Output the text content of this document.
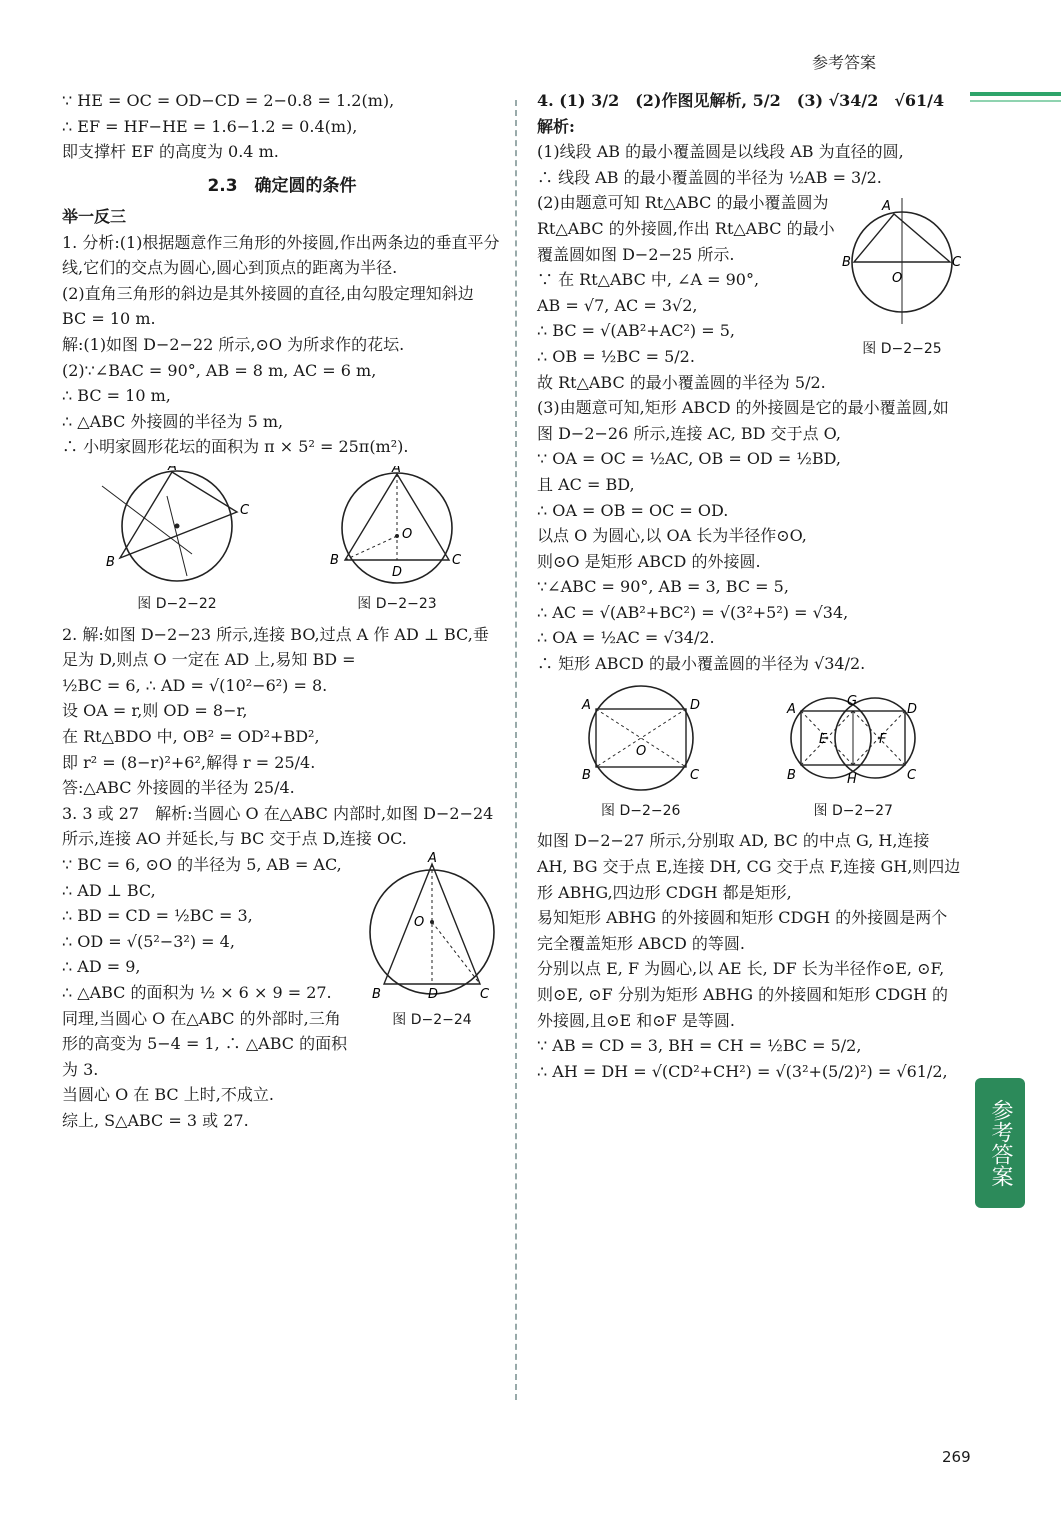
参考答案

∵ HE = OC = OD−CD = 2−0.8 = 1.2(m),

∴ EF = HF−HE = 1.6−1.2 = 0.4(m),

即支撑杆 EF 的高度为 0.4 m.

2.3　确定圆的条件

举一反三

1. 分析:(1)根据题意作三角形的外接圆,作出两条边的垂直平分线,它们的交点为圆心,圆心到顶点的距离为半径.

(2)直角三角形的斜边是其外接圆的直径,由勾股定理知斜边 BC = 10 m.

解:(1)如图 D−2−22 所示,⊙O 为所求作的花坛.

(2)∵∠BAC = 90°, AB = 8 m, AC = 6 m,

∴ BC = 10 m,

∴ △ABC 外接圆的半径为 5 m,

∴ 小明家圆形花坛的面积为 π × 5² = 25π(m²).

A
C
B
图 D−2−22
A
O
B	C
D
图 D−2−23

2. 解:如图 D−2−23 所示,连接 BO,过点 A 作 AD ⊥ BC,垂足为 D,则点 O 一定在 AD 上,易知 BD =

½BC = 6, ∴ AD = √(10²−6²) = 8.

设 OA = r,则 OD = 8−r,

在 Rt△BDO 中, OB² = OD²+BD²,

即 r² = (8−r)²+6²,解得 r = 25/4.

答:△ABC 外接圆的半径为 25/4.

3. 3 或 27　解析:当圆心 O 在△ABC 内部时,如图 D−2−24 所示,连接 AO 并延长,与 BC 交于点 D,连接 OC.

A
O
B	D	C
图 D−2−24

∵ BC = 6, ⊙O 的半径为 5, AB = AC, ∴ AD ⊥ BC,

∴ BD = CD = ½BC = 3,

∴ OD = √(5²−3²) = 4,

∴ AD = 9,

∴ △ABC 的面积为 ½ × 6 × 9 = 27.

同理,当圆心 O 在△ABC 的外部时,三角形的高变为 5−4 = 1, ∴ △ABC 的面积为 3.

当圆心 O 在 BC 上时,不成立.

综上, S△ABC = 3 或 27.

4. (1) 3/2　(2)作图见解析, 5/2　(3) √34/2　√61/4　解析:

(1)线段 AB 的最小覆盖圆是以线段 AB 为直径的圆,

∴ 线段 AB 的最小覆盖圆的半径为 ½AB = 3/2.

A
B	C
O
图 D−2−25

(2)由题意可知 Rt△ABC 的最小覆盖圆为 Rt△ABC 的外接圆,作出 Rt△ABC 的最小覆盖圆如图 D−2−25 所示.

∵ 在 Rt△ABC 中, ∠A = 90°,

AB = √7, AC = 3√2,

∴ BC = √(AB²+AC²) = 5,

∴ OB = ½BC = 5/2.

故 Rt△ABC 的最小覆盖圆的半径为 5/2.

(3)由题意可知,矩形 ABCD 的外接圆是它的最小覆盖圆,如图 D−2−26 所示,连接 AC, BD 交于点 O,

∵ OA = OC = ½AC, OB = OD = ½BD,

且 AC = BD,

∴ OA = OB = OC = OD.

以点 O 为圆心,以 OA 长为半径作⊙O,

则⊙O 是矩形 ABCD 的外接圆.

∵∠ABC = 90°, AB = 3, BC = 5,

∴ AC = √(AB²+BC²) = √(3²+5²) = √34,

∴ OA = ½AC = √34/2.

∴ 矩形 ABCD 的最小覆盖圆的半径为 √34/2.

A	D
B	C
O
图 D−2−26
A
G
D
E	F
B	H	C
图 D−2−27

如图 D−2−27 所示,分别取 AD, BC 的中点 G, H,连接 AH, BG 交于点 E,连接 DH, CG 交于点 F,连接 GH,则四边形 ABHG,四边形 CDGH 都是矩形,

易知矩形 ABHG 的外接圆和矩形 CDGH 的外接圆是两个完全覆盖矩形 ABCD 的等圆.

分别以点 E, F 为圆心,以 AE 长, DF 长为半径作⊙E, ⊙F,

则⊙E, ⊙F 分别为矩形 ABHG 的外接圆和矩形 CDGH 的外接圆,且⊙E 和⊙F 是等圆.

∵ AB = CD = 3, BH = CH = ½BC = 5/2,

∴ AH = DH = √(CD²+CH²) = √(3²+(5/2)²) = √61/2,

参考答案
269
